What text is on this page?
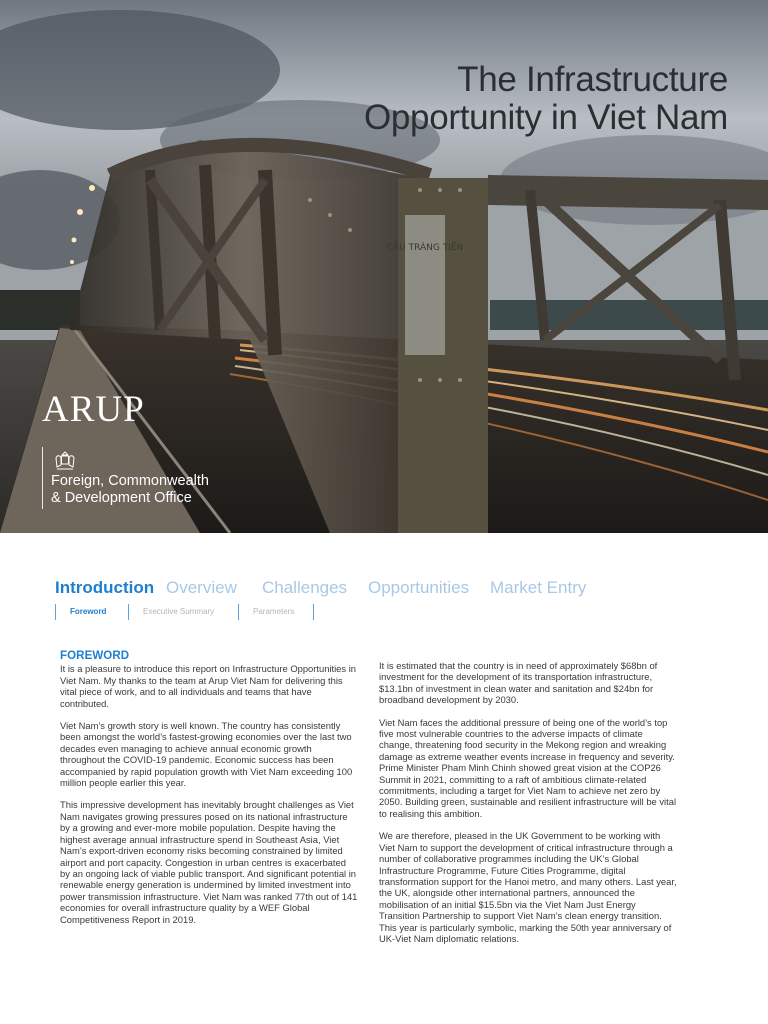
CẦU TRÀNG TIỀN
The Infrastructure
Opportunity in Viet Nam
ARUP
Foreign, Commonwealth
& Development Office
Introduction Overview Challenges Opportunities Market Entry
Foreword	Executive Summary	Parameters
FOREWORD

It is a pleasure to introduce this report on Infrastructure Opportunities in Viet Nam. My thanks to the team at Arup Viet Nam for delivering this vital piece of work, and to all individuals and teams that have contributed.

Viet Nam’s growth story is well known. The country has consistently been amongst the world’s fastest-growing economies over the last two decades even managing to achieve annual economic growth throughout the COVID-19 pandemic. Economic success has been accompanied by rapid population growth with Viet Nam exceeding 100 million people earlier this year.

This impressive development has inevitably brought challenges as Viet Nam navigates growing pressures posed on its national infrastructure by a growing and ever-more mobile population. Despite having the highest average annual infrastructure spend in Southeast Asia, Viet Nam’s export-driven economy risks becoming constrained by limited airport and port capacity. Congestion in urban centres is exacerbated by an ongoing lack of viable public transport. And significant potential in renewable energy generation is undermined by limited investment into power transmission infrastructure. Viet Nam was ranked 77th out of 141 economies for overall infrastructure quality by a WEF Global Competitiveness Report in 2019.

It is estimated that the country is in need of approximately $68bn of investment for the development of its transportation infrastructure, $13.1bn of investment in clean water and sanitation and $24bn for broadband development by 2030.

Viet Nam faces the additional pressure of being one of the world’s top five most vulnerable countries to the adverse impacts of climate change, threatening food security in the Mekong region and wreaking damage as extreme weather events increase in frequency and severity. Prime Minister Pham Minh Chinh showed great vision at the COP26 Summit in 2021, committing to a raft of ambitious climate-related commitments, including a target for Viet Nam to achieve net zero by 2050. Building green, sustainable and resilient infrastructure will be vital to realising this ambition.

We are therefore, pleased in the UK Government to be working with Viet Nam to support the development of critical infrastructure through a number of collaborative programmes including the UK’s Global Infrastructure Programme, Future Cities Programme, digital transformation support for the Hanoi metro, and many others. Last year, the UK, alongside other international partners, announced the mobilisation of an initial $15.5bn via the Viet Nam Just Energy Transition Partnership to support Viet Nam’s clean energy transition. This year is particularly symbolic, marking the 50th year anniversary of UK-Viet Nam diplomatic relations.
